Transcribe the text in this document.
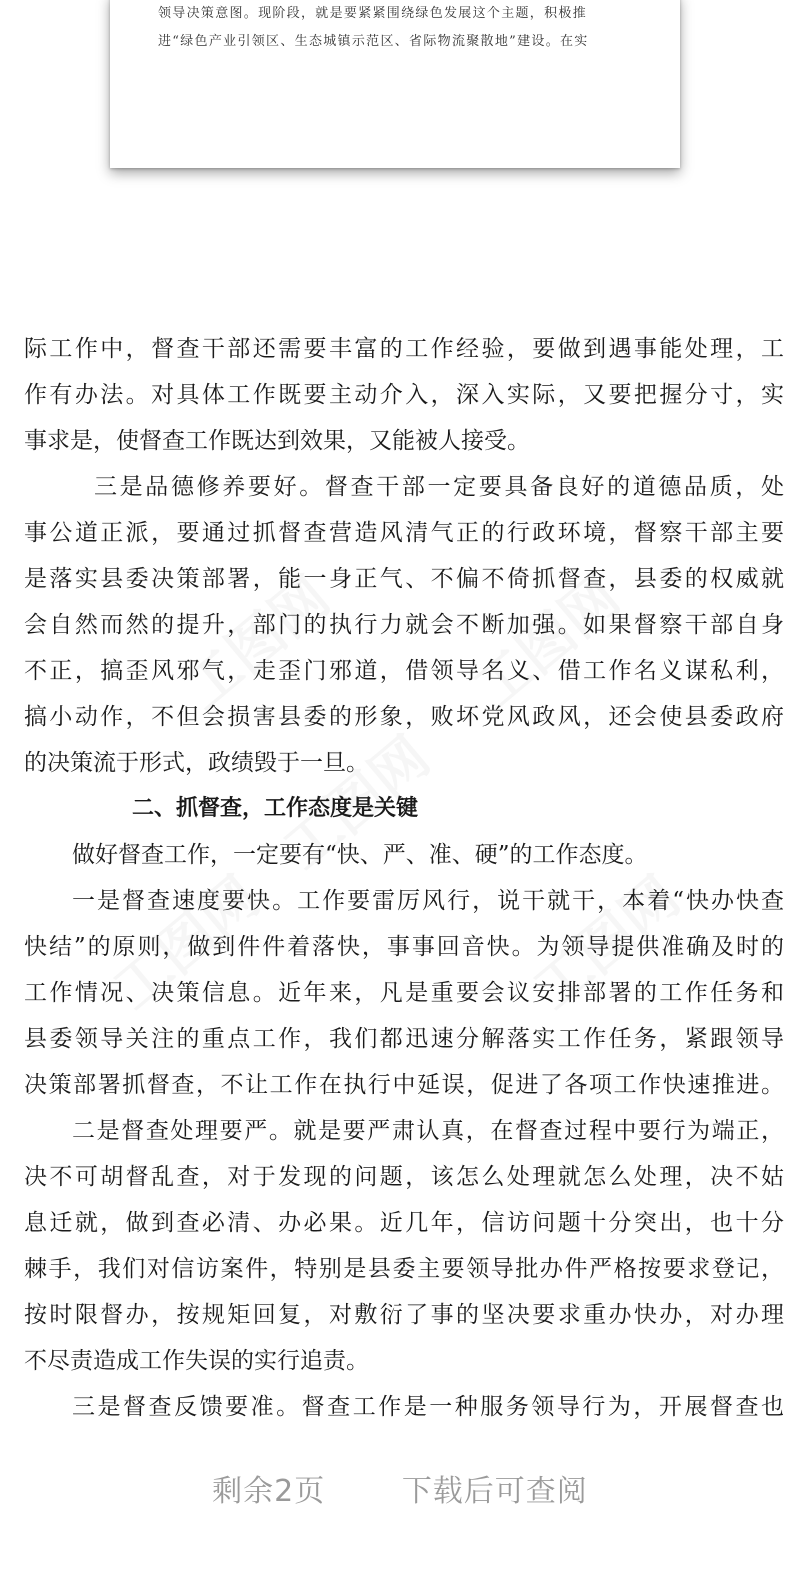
领导决策意图。现阶段，就是要紧紧围绕绿色发展这个主题，积极推
进“绿色产业引领区、生态城镇示范区、省际物流聚散地”建设。在实
际工作中，督查干部还需要丰富的工作经验，要做到遇事能处理，工
作有办法。对具体工作既要主动介入，深入实际，又要把握分寸，实
事求是，使督查工作既达到效果，又能被人接受。
三是品德修养要好。督查干部一定要具备良好的道德品质，处
事公道正派，要通过抓督查营造风清气正的行政环境，督察干部主要
是落实县委决策部署，能一身正气、不偏不倚抓督查，县委的权威就
会自然而然的提升，部门的执行力就会不断加强。如果督察干部自身
不正，搞歪风邪气，走歪门邪道，借领导名义、借工作名义谋私利，
搞小动作，不但会损害县委的形象，败坏党风政风，还会使县委政府
的决策流于形式，政绩毁于一旦。
二、抓督查，工作态度是关键
做好督查工作，一定要有“快、严、准、硬”的工作态度。
一是督查速度要快。工作要雷厉风行，说干就干，本着“快办快查
快结”的原则，做到件件着落快，事事回音快。为领导提供准确及时的
工作情况、决策信息。近年来，凡是重要会议安排部署的工作任务和
县委领导关注的重点工作，我们都迅速分解落实工作任务，紧跟领导
决策部署抓督查，不让工作在执行中延误，促进了各项工作快速推进。
二是督查处理要严。就是要严肃认真，在督查过程中要行为端正，
决不可胡督乱查，对于发现的问题，该怎么处理就怎么处理，决不姑
息迁就，做到查必清、办必果。近几年，信访问题十分突出，也十分
棘手，我们对信访案件，特别是县委主要领导批办件严格按要求登记，
按时限督办，按规矩回复，对敷衍了事的坚决要求重办快办，对办理
不尽责造成工作失误的实行追责。
三是督查反馈要准。督查工作是一种服务领导行为，开展督查也
剩余2页	下载后可查阅
